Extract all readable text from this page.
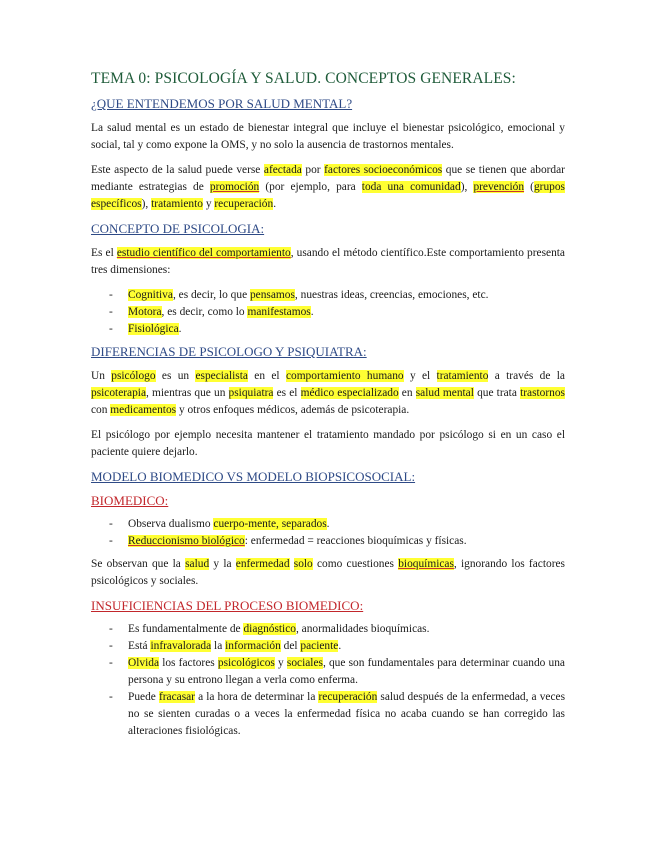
TEMA 0: PSICOLOGÍA Y SALUD. CONCEPTOS GENERALES:
¿QUE ENTENDEMOS POR SALUD MENTAL?

La salud mental es un estado de bienestar integral que incluye el bienestar psicológico, emocional y social, tal y como expone la OMS, y no solo la ausencia de trastornos mentales.

Este aspecto de la salud puede verse afectada por factores socioeconómicos que se tienen que abordar mediante estrategias de promoción (por ejemplo, para toda una comunidad), prevención (grupos específicos), tratamiento y recuperación.

CONCEPTO DE PSICOLOGIA:

Es el estudio científico del comportamiento, usando el método científico.Este comportamiento presenta tres dimensiones:

- Cognitiva, es decir, lo que pensamos, nuestras ideas, creencias, emociones, etc.
- Motora, es decir, como lo manifestamos.
- Fisiológica.
DIFERENCIAS DE PSICOLOGO Y PSIQUIATRA:

Un psicólogo es un especialista en el comportamiento humano y el tratamiento a través de la psicoterapia, mientras que un psiquiatra es el médico especializado en salud mental que trata trastornos con medicamentos y otros enfoques médicos, además de psicoterapia.

El psicólogo por ejemplo necesita mantener el tratamiento mandado por psicólogo si en un caso el paciente quiere dejarlo.

MODELO BIOMEDICO VS MODELO BIOPSICOSOCIAL:
BIOMEDICO:
- Observa dualismo cuerpo-mente, separados.
- Reduccionismo biológico: enfermedad = reacciones bioquímicas y físicas.

Se observan que la salud y la enfermedad solo como cuestiones bioquímicas, ignorando los factores psicológicos y sociales.

INSUFICIENCIAS DEL PROCESO BIOMEDICO:
- Es fundamentalmente de diagnóstico, anormalidades bioquímicas.
- Está infravalorada la información del paciente.
- Olvida los factores psicológicos y sociales, que son fundamentales para determinar cuando una persona y su entrono llegan a verla como enferma.
- Puede fracasar a la hora de determinar la recuperación salud después de la enfermedad, a veces no se sienten curadas o a veces la enfermedad física no acaba cuando se han corregido las alteraciones fisiológicas.
